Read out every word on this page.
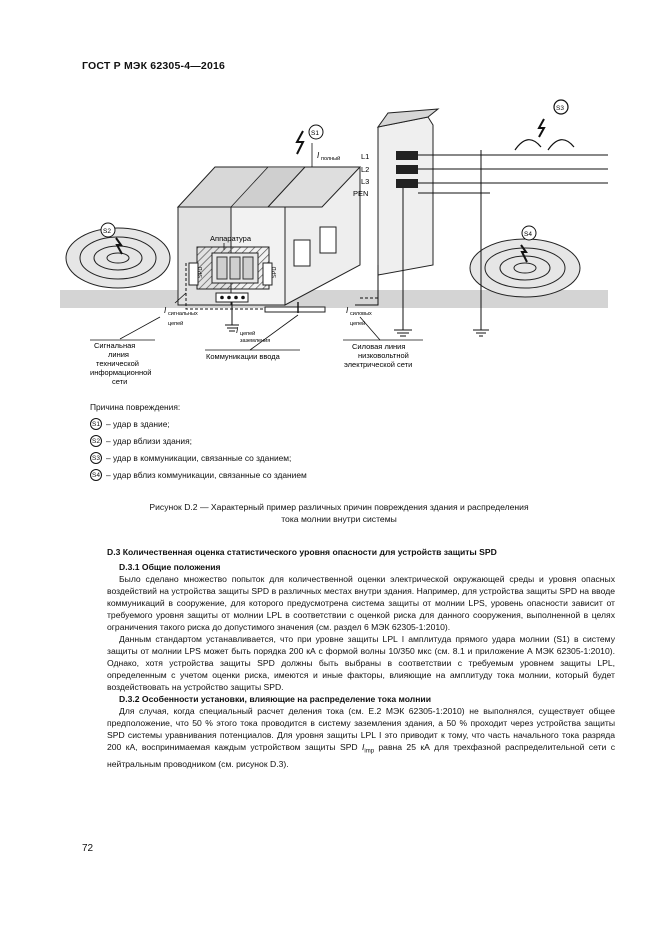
ГОСТ Р МЭК 62305-4—2016
SPD	SPD
Аппаратура
L1
L2
L3
PEN
S3
S1
I полный
S2	S4
I сигнальных
цепей
I цепей
заземления
I силовых
цепей
Сигнальная
линия
технической
информационной
сети
Коммуникации ввода
Силовая линия
низковольтной
электрической сети
Причина повреждения:
S1 – удар в здание;
S2 – удар вблизи здания;
S3 – удар в коммуникации, связанные со зданием;
S4 – удар вблиз коммуникации, связанные со зданием
Рисунок D.2 — Характерный пример различных причин повреждения здания и распределения
тока молнии внутри системы
D.3 Количественная оценка статистического уровня опасности для устройств защиты SPD
D.3.1 Общие положения
Было сделано множество попыток для количественной оценки электрической окружающей среды и уровня опасных воздействий на устройства защиты SPD в различных местах внутри здания. Например, для устройства защиты SPD на вводе коммуникаций в сооружение, для которого предусмотрена система защиты от молнии LPS, уровень опасности зависит от требуемого уровня защиты от молнии LPL в соответствии с оценкой риска для данного сооружения, выполненной в целях ограничения такого риска до допустимого значения (см. раздел 6 МЭК 62305-1:2010).
Данным стандартом устанавливается, что при уровне защиты LPL I амплитуда прямого удара молнии (S1) в систему защиты от молнии LPS может быть порядка 200 кА с формой волны 10/350 мкс (см. 8.1 и приложение А МЭК 62305-1:2010). Однако, хотя устройства защиты SPD должны быть выбраны в соответствии с требуемым уровнем защиты LPL, определенным с учетом оценки риска, имеются и иные факторы, влияющие на амплитуду тока молнии, который будет воздействовать на устройство защиты SPD.
D.3.2 Особенности установки, влияющие на распределение тока молнии
Для случая, когда специальный расчет деления тока (см. Е.2 МЭК 62305-1:2010) не выполнялся, существует общее предположение, что 50 % этого тока проводится в систему заземления здания, а 50 % проходит через устройства защиты SPD системы уравнивания потенциалов. Для уровня защиты LPL I это приводит к тому, что часть начального тока разряда 200 кА, воспринимаемая каждым устройством защиты SPD $I_{imp}$ равна 25 кА для трехфазной распределительной сети с нейтральным проводником (см. рисунок D.3).
72
